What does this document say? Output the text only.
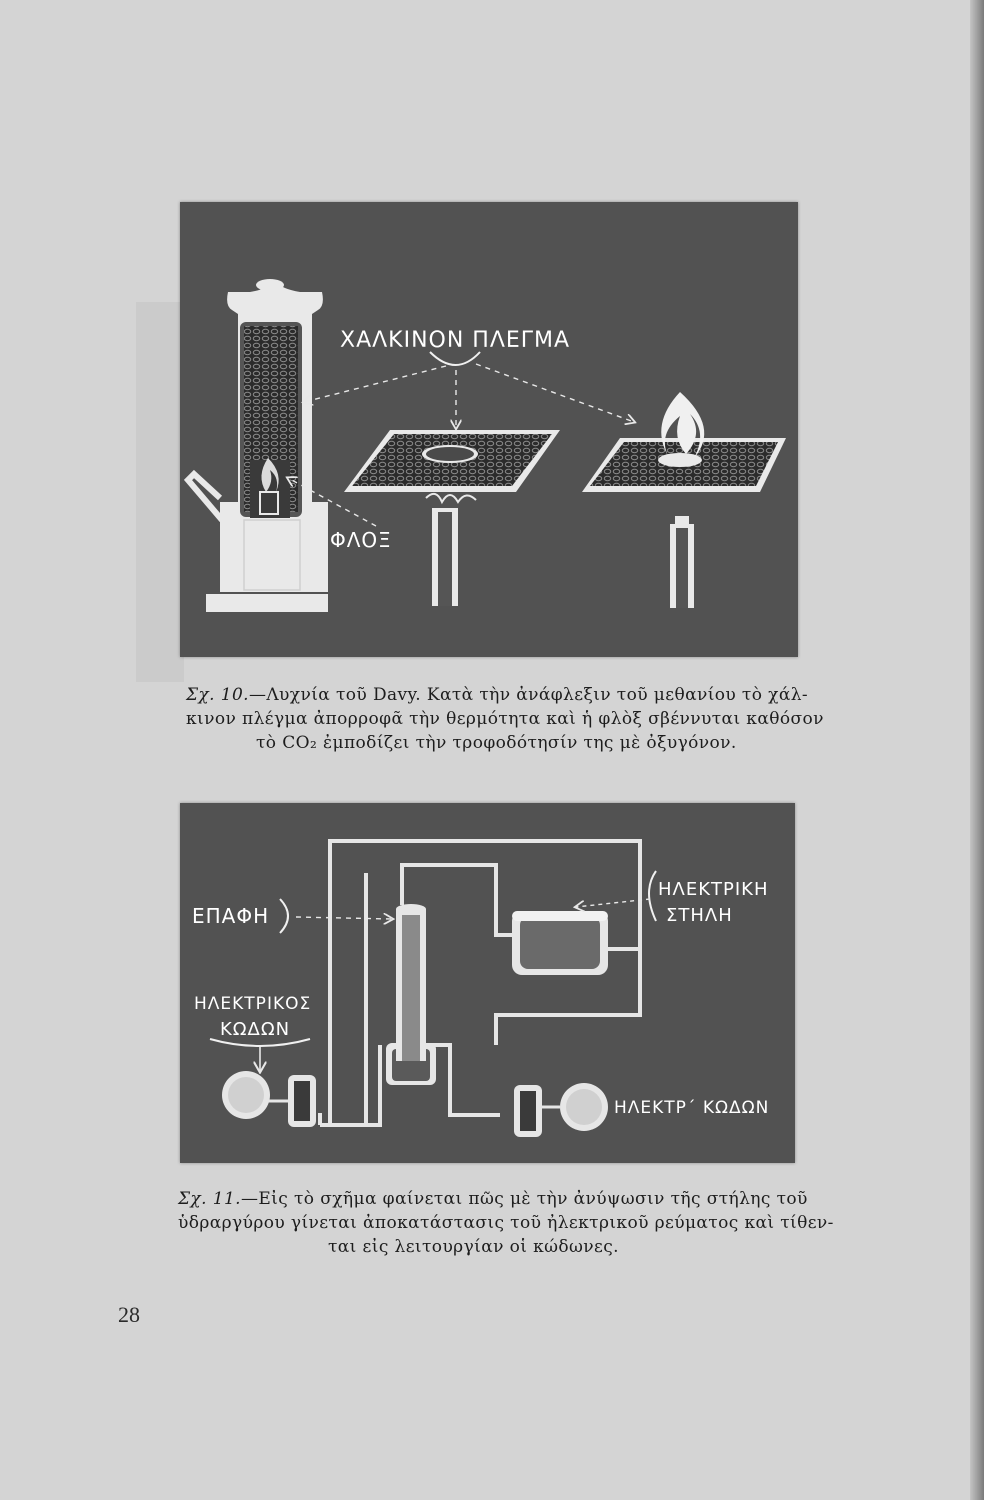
ΧΑΛΚΙΝΟΝ ΠΛΕΓΜΑ
ΦΛΟΞ
Σχ. 10.—Λυχνία τοῦ Davy. Κατὰ τὴν ἀνάφλεξιν τοῦ μεθανίου τὸ χάλ-
κινον πλέγμα ἀπορροφᾶ τὴν θερμότητα καὶ ἡ φλὸξ σβέννυται καθόσον
τὸ CO₂ ἐμποδίζει τὴν τροφοδότησίν της μὲ ὀξυγόνον.
ΕΠΑΦΗ
ΗΛΕΚΤΡΙΚΗ
ΣΤΗΛΗ
ΗΛΕΚΤΡΙΚΟΣ
ΚΩΔΩΝ
ΗΛΕΚΤΡ΄ ΚΩΔΩΝ
Σχ. 11.—Εἰς τὸ σχῆμα φαίνεται πῶς μὲ τὴν ἀνύψωσιν τῆς στήλης τοῦ
ὑδραργύρου γίνεται ἀποκατάστασις τοῦ ἠλεκτρικοῦ ρεύματος καὶ τίθεν-
ται εἰς λειτουργίαν οἱ κώδωνες.
28
